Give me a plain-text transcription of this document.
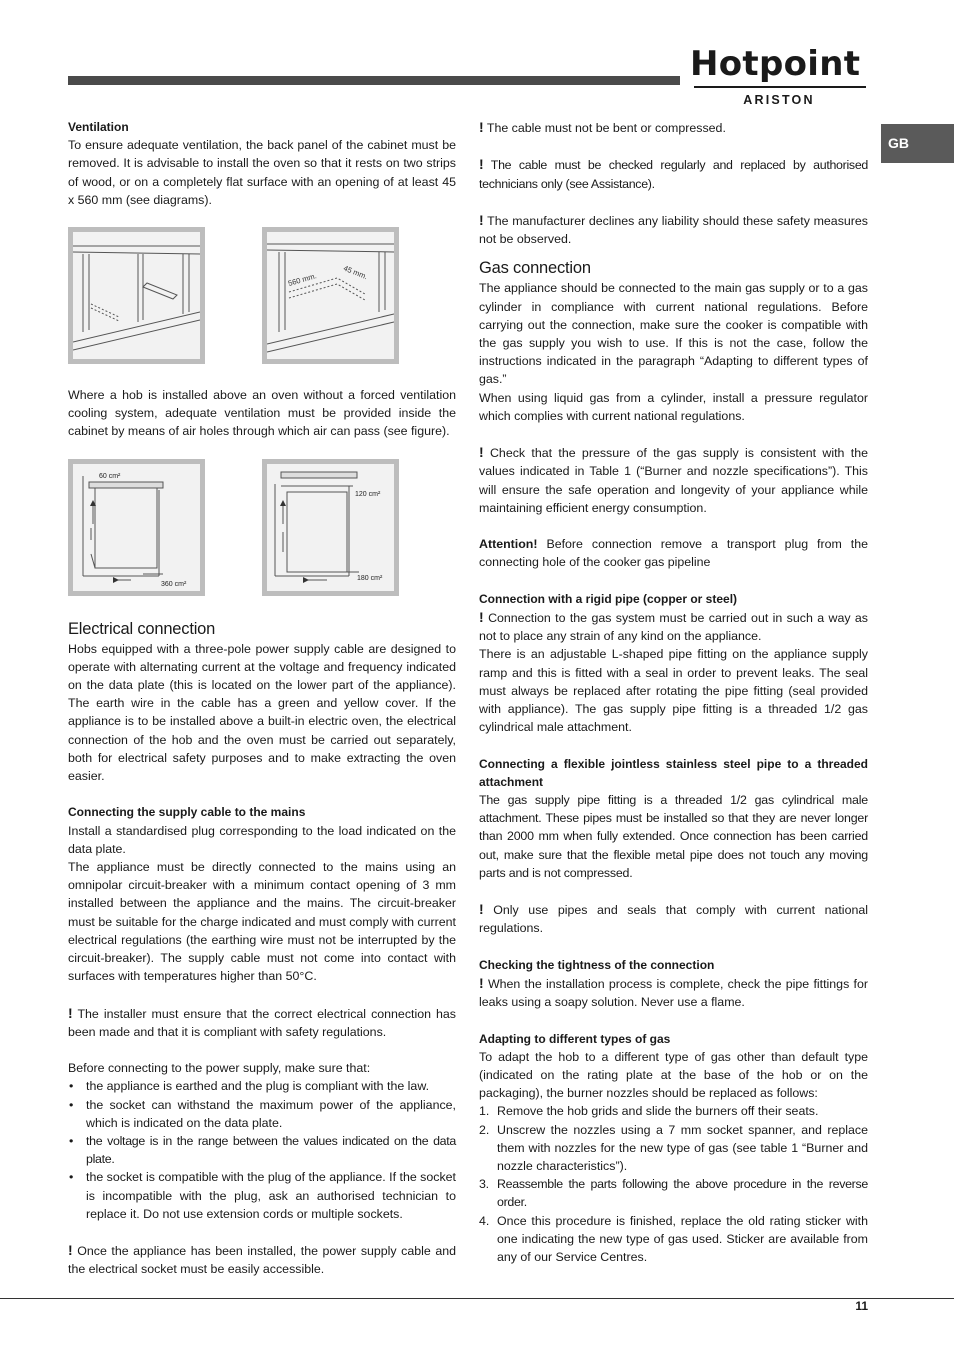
Hotpoint
ARISTON
GB
Ventilation

To ensure adequate ventilation, the back panel of the cabinet must be removed. It is advisable to install the oven so that it rests on two strips of wood, or on a completely flat surface with an opening of at least 45 x 560 mm (see diagrams).

560 mm.	45 mm.

Where a hob is installed above an oven without a forced ventilation cooling system, adequate ventilation must be provided inside the cabinet by means of air holes through which air can pass (see figure).

60 cm²
360 cm²
120 cm²
180 cm²
Electrical connection

Hobs equipped with a three-pole power supply cable are designed to operate with alternating current at the voltage and frequency indicated on the data plate (this is located on the lower part of the appliance). The earth wire in the cable has a green and yellow cover. If the appliance is to be installed above a built-in electric oven, the electrical connection of the hob and the oven must be carried out separately, both for electrical safety purposes and to make extracting the oven easier.

Connecting the supply cable to the mains

Install a standardised plug corresponding to the load indicated on the data plate.

The appliance must be directly connected to the mains using an omnipolar circuit-breaker with a minimum contact opening of 3 mm installed between the appliance and the mains. The circuit-breaker must be suitable for the charge indicated and must comply with current electrical regulations (the earthing wire must not be interrupted by the circuit-breaker). The supply cable must not come into contact with surfaces with temperatures higher than 50°C.

! The installer must ensure that the correct electrical connection has been made and that it is compliant with safety regulations.

Before connecting to the power supply, make sure that:

• the appliance is earthed and the plug is compliant with the law.
• the socket can withstand the maximum power of the appliance, which is indicated on the data plate.
• the voltage is in the range between the values indicated on the data plate.
• the socket is compatible with the plug of the appliance. If the socket is incompatible with the plug, ask an authorised technician to replace it. Do not use extension cords or multiple sockets.

! Once the appliance has been installed, the power supply cable and the electrical socket must be easily accessible.

! The cable must not be bent or compressed.

! The cable must be checked regularly and replaced by authorised technicians only (see Assistance).

! The manufacturer declines any liability should these safety measures not be observed.

Gas connection

The appliance should be connected to the main gas supply or to a gas cylinder in compliance with current national regulations. Before carrying out the connection, make sure the cooker is compatible with the gas supply you wish to use. If this is not the case, follow the instructions indicated in the paragraph “Adapting to different types of gas.”

When using liquid gas from a cylinder, install a pressure regulator which complies with current national regulations.

! Check that the pressure of the gas supply is consistent with the values indicated in Table 1 (“Burner and nozzle specifications”). This will ensure the safe operation and longevity of your appliance while maintaining efficient energy consumption.

Attention! Before connection remove a transport plug from the connecting hole of the cooker gas pipeline

Connection with a rigid pipe (copper or steel)

! Connection to the gas system must be carried out in such a way as not to place any strain of any kind on the appliance.

There is an adjustable L-shaped pipe fitting on the appliance supply ramp and this is fitted with a seal in order to prevent leaks. The seal must always be replaced after rotating the pipe fitting (seal provided with appliance). The gas supply pipe fitting is a threaded 1/2 gas cylindrical male attachment.

Connecting a flexible jointless stainless steel pipe to a threaded attachment

The gas supply pipe fitting is a threaded 1/2 gas cylindrical male attachment. These pipes must be installed so that they are never longer than 2000 mm when fully extended. Once connection has been carried out, make sure that the flexible metal pipe does not touch any moving parts and is not compressed.

! Only use pipes and seals that comply with current national regulations.

Checking the tightness of the connection

! When the installation process is complete, check the pipe fittings for leaks using a soapy solution. Never use a flame.

Adapting to different types of gas

To adapt the hob to a different type of gas other than default type (indicated on the rating plate at the base of the hob or on the packaging), the burner nozzles should be replaced as follows:

1. Remove the hob grids and slide the burners off their seats.
2. Unscrew the nozzles using a 7 mm socket spanner, and replace them with nozzles for the new type of gas (see table 1 “Burner and nozzle characteristics”).
3. Reassemble the parts following the above procedure in the reverse order.
4. Once this procedure is finished, replace the old rating sticker with one indicating the new type of gas used. Sticker are available from any of our Service Centres.
11
